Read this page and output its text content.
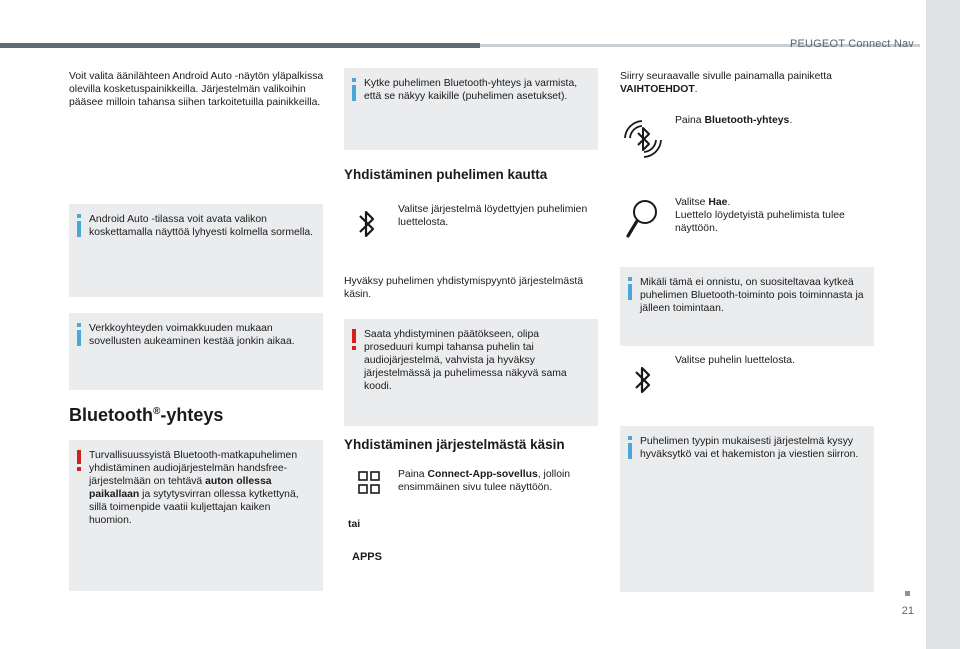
PEUGEOT Connect Nav
21

Voit valita äänilähteen Android Auto -näytön yläpalkissa olevilla kosketuspainikkeilla. Järjestelmän valikoihin pääsee milloin tahansa siihen tarkoitetuilla painikkeilla.

Android Auto -tilassa voit avata valikon koskettamalla näyttöä lyhyesti kolmella sormella.

Verkkoyhteyden voimakkuuden mukaan sovellusten aukeaminen kestää jonkin aikaa.

Bluetooth®-yhteys

Turvallisuussyistä Bluetooth-matkapuhelimen yhdistäminen audiojärjestelmän handsfree-järjestelmään on tehtävä auton ollessa paikallaan ja sytytysvirran ollessa kytkettynä, sillä toimenpide vaatii kuljettajan kaiken huomion.

Kytke puhelimen Bluetooth-yhteys ja varmista, että se näkyy kaikille (puhelimen asetukset).

Yhdistäminen puhelimen kautta

Valitse järjestelmä löydettyjen puhelimien luettelosta.

Hyväksy puhelimen yhdistymispyyntö järjestelmästä käsin.

Saata yhdistyminen päätökseen, olipa proseduuri kumpi tahansa puhelin tai audiojärjestelmä, vahvista ja hyväksy järjestelmässä ja puhelimessa näkyvä sama koodi.

Yhdistäminen järjestelmästä käsin

Paina Connect-App-sovellus, jolloin ensimmäinen sivu tulee näyttöön.

tai

APPS

Siirry seuraavalle sivulle painamalla painiketta VAIHTOEHDOT.

Paina Bluetooth-yhteys.

Valitse Hae.
Luettelo löydetyistä puhelimista tulee näyttöön.

Mikäli tämä ei onnistu, on suositeltavaa kytkeä puhelimen Bluetooth-toiminto pois toiminnasta ja jälleen toimintaan.

Valitse puhelin luettelosta.

Puhelimen tyypin mukaisesti järjestelmä kysyy hyväksytkö vai et hakemiston ja viestien siirron.
